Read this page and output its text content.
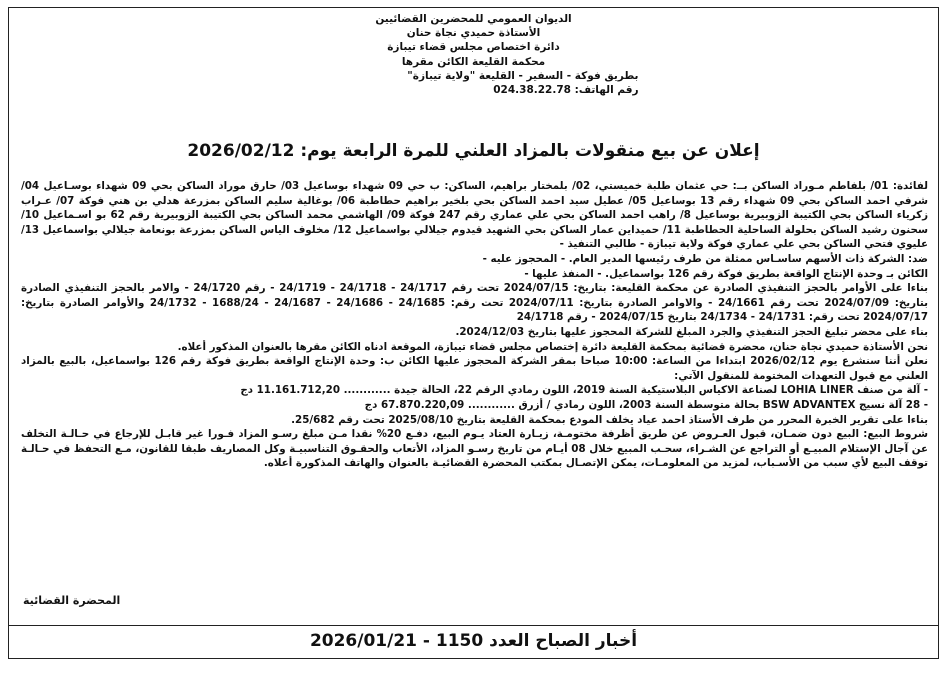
الديوان العمومي للمحضرين القضائيين
الأستاذة حميدي نجاة حنان
دائرة اختصاص مجلس قضاء تيبازة
محكمة القليعة الكائن مقرها
بطريق فوكة - السفير - القليعة "ولاية تيبازة"
رقم الهاتف: 024.38.22.78
إعلان عن بيع منقولات بالمزاد العلني للمرة الرابعة يوم: 2026/02/12

لفائدة: 01/ بلفاطم مـوراد الساكن بــ: حي عثمان طلبة خميستي، 02/ بلمختار براهيم، الساكن: ب حي 09 شهداء بوساعيل 03/ حارق موراد الساكن بحي 09 شهداء بوسـاعيل 04/ شرفي احمد الساكن بحي 09 شهداء رقم 13 بوساعيل 05/ عطيل سيد احمد الساكن بحي بلخير براهيم حطاطبة 06/ بوغالية سليم الساكن بمزرعة هدلي بن هني فوكة 07/ عـراب زكرياء الساكن بحي الكتيبة الزوبيرية بوساعيل 8/ راهب احمد الساكن بحي علي عماري رقم 247 فوكة 09/ الهاشمي محمد الساكن بحي الكتيبة الزوبيرية رقم 62 بو اسـماعيل 10/ سحنون رشيد الساكن بحلولة الساحلية الحطاطبة 11/ حميداين عمار الساكن بحي الشهيد قيدوم جيلالي بواسماعيل 12/ مخلوف الياس الساكن بمزرعة بونعامة جيلالي بواسماعيل 13/ عليوي فتحي الساكن بحي علي عماري فوكة ولاية تيبازة - طالبي التنفيذ -

ضد: الشركة ذات الأسهم ساسـاس ممثلة من طرف رئيسها المدير العام. - المحجوز عليه -

الكائن بـ وحدة الإنتاج الواقعة بطريق فوكة رقم 126 بواسماعيل. - المنفذ عليها -

بناءا على الأوامر بالحجز التنفيذي الصادرة عن محكمة القليعة: بتاريخ: 2024/07/15 تحت رقم 24/1717 - 24/1718 - 24/1719 - رقم 24/1720 - والامر بالحجز التنفيذي الصادرة بتاريخ: 2024/07/09 تحت رقم 24/1661 - والاوامر الصادرة بتاريخ: 2024/07/11 تحت رقم: 24/1685 - 24/1686 - 24/1687 - 1688/24 - 24/1732 والأوامر الصادرة بتاريخ: 2024/07/17 تحت رقم: 24/1731 - 24/1734 بتاريخ 2024/07/15 - رقم 24/1718

بناء على محضر تبليغ الحجز التنفيذي والجرد المبلغ للشركة المحجوز عليها بتاريخ 2024/12/03.

نحن الأستاذة حميدي نجاة حنان، محضرة قضائية بمحكمة القليعة دائرة إختصاص مجلس قضاء تيبازة، الموقعة ادناه الكائن مقرها بالعنوان المذكور أعلاه.

نعلن أننا سنشرع يوم 2026/02/12 ابتداءا من الساعة: 10:00 صباحا بمقر الشركة المحجوز عليها الكائن ب: وحدة الإنتاج الواقعة بطريق فوكة رقم 126 بواسماعيل، بالبيع بالمزاد العلني مع قبول التعهدات المختومة للمنقول الآتي:

- آلة من صنف LOHIA LINER لصناعة الاكياس البلاستيكية السنة 2019، اللون رمادي الرقم 22، الحالة جيدة ............ 11.161.712,20 دج

- 28 آلة نسيج BSW ADVANTEX بحالة متوسطة السنة 2003، اللون رمادي / أزرق ............ 67.870.220,09 دج

بناءا على تقرير الخبرة المحرر من طرف الأستاذ احمد عياد يخلف المودع بمحكمة القليعة بتاريخ 2025/08/10 تحت رقم 25/682.

شروط البيع: البيع دون ضمـان، قبول العـروض عن طريق أظرفة مختومـة، زيـارة العتاد يـوم البيع، دفـع 20% نقدا مـن مبلغ رسـو المزاد فـورا غير قابـل للإرجاع في حـالـة التخلف عن آجال الإستلام المبيـع أو التراجع عن الشـراء، سحـب المبيع خلال 08 أيـام من تاريخ رسـو المزاد، الأتعاب والحقـوق التناسبيـة وكل المصاريف طبقا للقانون، مـع التحفظ في حـالـة توقف البيع لأي سبب من الأسـباب، لمزيد من المعلومـات، يمكن الإتصـال بمكتب المحضرة القضائيـة بالعنوان والهاتف المذكورة أعلاه.

المحضرة القضائية
أخبار الصباح العدد 1150 - 2026/01/21
